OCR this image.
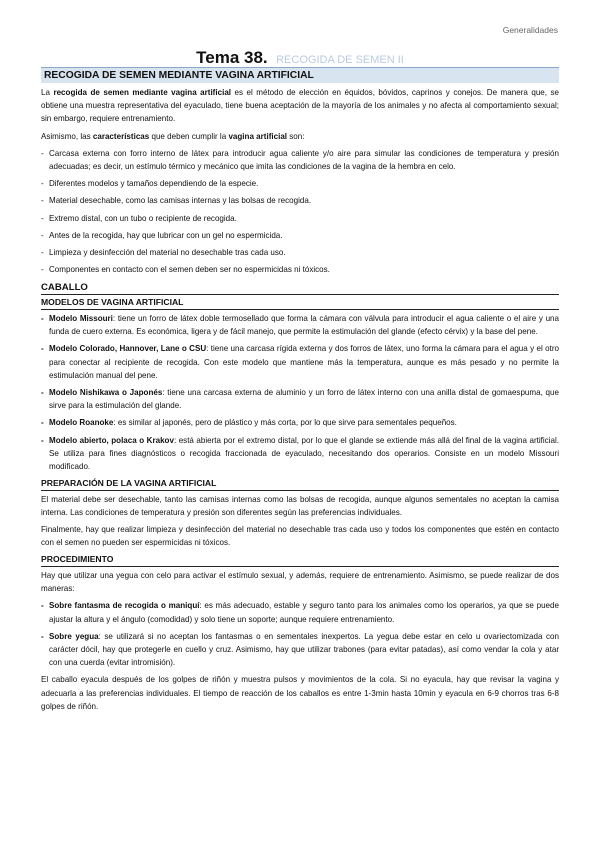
Generalidades
Tema 38. RECOGIDA DE SEMEN II
RECOGIDA DE SEMEN MEDIANTE VAGINA ARTIFICIAL

La recogida de semen mediante vagina artificial es el método de elección en équidos, bóvidos, caprinos y conejos. De manera que, se obtiene una muestra representativa del eyaculado, tiene buena aceptación de la mayoría de los animales y no afecta al comportamiento sexual; sin embargo, requiere entrenamiento.

Asimismo, las características que deben cumplir la vagina artificial son:

- Carcasa externa con forro interno de látex para introducir agua caliente y/o aire para simular las condiciones de temperatura y presión adecuadas; es decir, un estímulo térmico y mecánico que imita las condiciones de la vagina de la hembra en celo.
- Diferentes modelos y tamaños dependiendo de la especie.
- Material desechable, como las camisas internas y las bolsas de recogida.
- Extremo distal, con un tubo o recipiente de recogida.
- Antes de la recogida, hay que lubricar con un gel no espermicida.
- Limpieza y desinfección del material no desechable tras cada uso.
- Componentes en contacto con el semen deben ser no espermicidas ni tóxicos.
CABALLO
MODELOS DE VAGINA ARTIFICIAL
- Modelo Missouri: tiene un forro de látex doble termosellado que forma la cámara con válvula para introducir el agua caliente o el aire y una funda de cuero externa. Es económica, ligera y de fácil manejo, que permite la estimulación del glande (efecto cérvix) y la base del pene.
- Modelo Colorado, Hannover, Lane o CSU: tiene una carcasa rígida externa y dos forros de látex, uno forma la cámara para el agua y el otro para conectar al recipiente de recogida. Con este modelo que mantiene más la temperatura, aunque es más pesado y no permite la estimulación manual del pene.
- Modelo Nishikawa o Japonés: tiene una carcasa externa de aluminio y un forro de látex interno con una anilla distal de gomaespuma, que sirve para la estimulación del glande.
- Modelo Roanoke: es similar al japonés, pero de plástico y más corta, por lo que sirve para sementales pequeños.
- Modelo abierto, polaca o Krakov: está abierta por el extremo distal, por lo que el glande se extiende más allá del final de la vagina artificial. Se utiliza para fines diagnósticos o recogida fraccionada de eyaculado, necesitando dos operarios. Consiste en un modelo Missouri modificado.
PREPARACIÓN DE LA VAGINA ARTIFICIAL

El material debe ser desechable, tanto las camisas internas como las bolsas de recogida, aunque algunos sementales no aceptan la camisa interna. Las condiciones de temperatura y presión son diferentes según las preferencias individuales.

Finalmente, hay que realizar limpieza y desinfección del material no desechable tras cada uso y todos los componentes que estén en contacto con el semen no pueden ser espermicidas ni tóxicos.

PROCEDIMIENTO

Hay que utilizar una yegua con celo para activar el estímulo sexual, y además, requiere de entrenamiento. Asimismo, se puede realizar de dos maneras:

- Sobre fantasma de recogida o maniquí: es más adecuado, estable y seguro tanto para los animales como los operarios, ya que se puede ajustar la altura y el ángulo (comodidad) y solo tiene un soporte; aunque requiere entrenamiento.
- Sobre yegua: se utilizará si no aceptan los fantasmas o en sementales inexpertos. La yegua debe estar en celo u ovariectomizada con carácter dócil, hay que protegerle en cuello y cruz. Asimismo, hay que utilizar trabones (para evitar patadas), así como vendar la cola y atar con una cuerda (evitar intromisión).

El caballo eyacula después de los golpes de riñón y muestra pulsos y movimientos de la cola. Si no eyacula, hay que revisar la vagina y adecuarla a las preferencias individuales. El tiempo de reacción de los caballos es entre 1-3min hasta 10min y eyacula en 6-9 chorros tras 6-8 golpes de riñón.
